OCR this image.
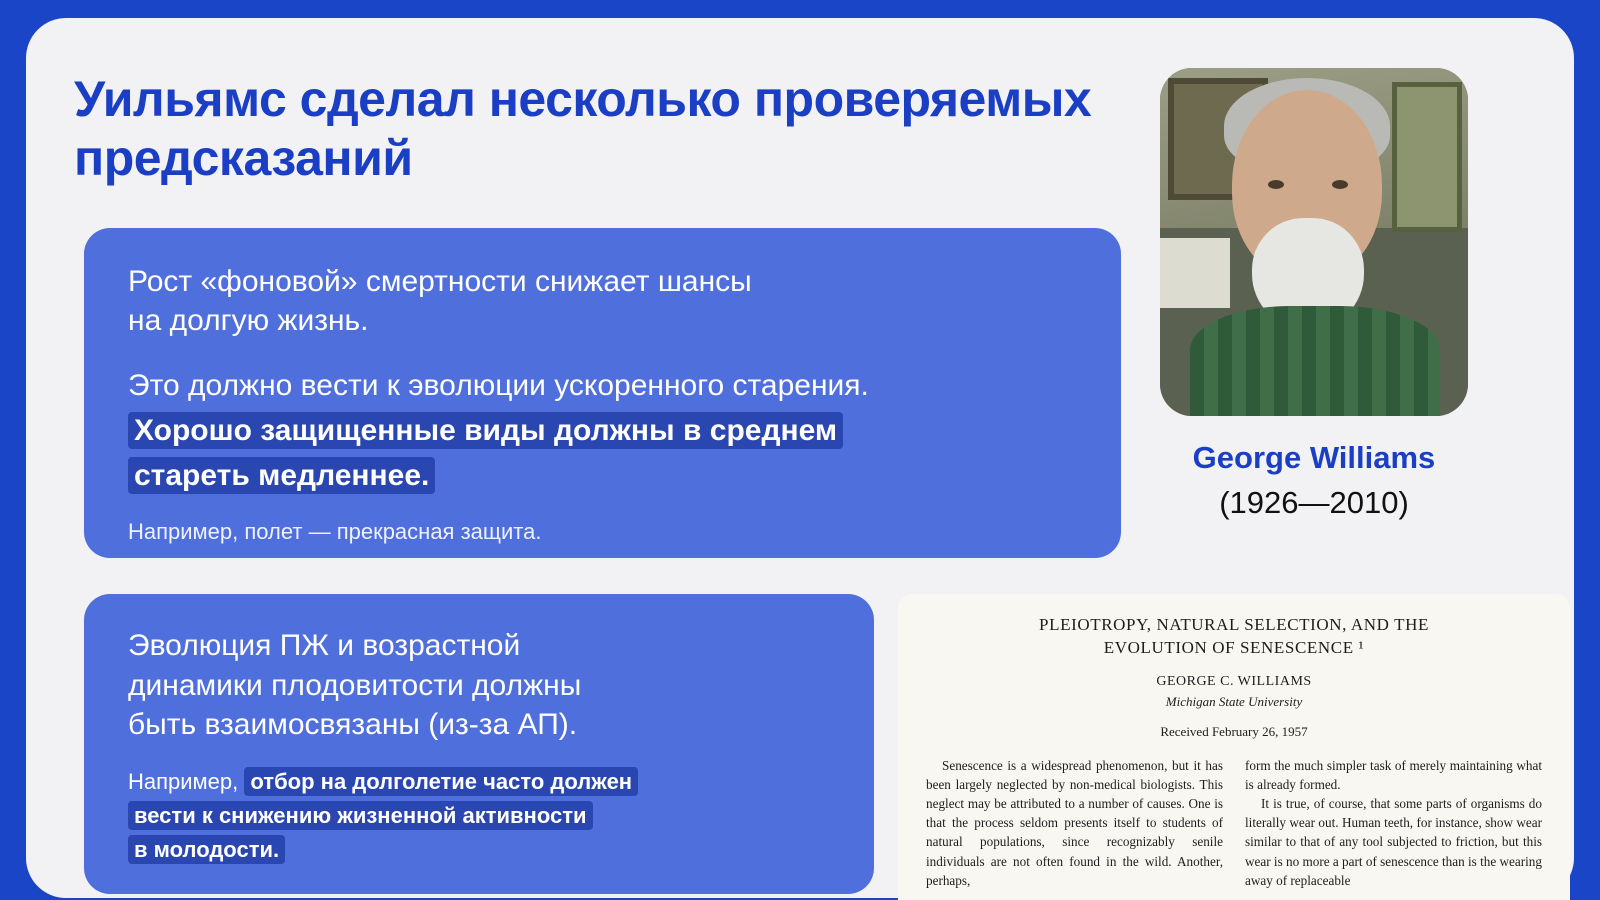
Уильямс сделал несколько проверяемых предсказаний
George Williams
(1926—2010)
Рост «фоновой» смертности снижает шансы
на долгую жизнь.
Это должно вести к эволюции ускоренного старения.
Хорошо защищенные виды должны в среднем
стареть медленнее.
Например, полет — прекрасная защита.
Эволюция ПЖ и возрастной
динамики плодовитости должны
быть взаимосвязаны (из-за АП).
Например, отбор на долголетие часто должен
вести к снижению жизненной активности
в молодости.
PLEIOTROPY, NATURAL SELECTION, AND THE
EVOLUTION OF SENESCENCE ¹
GEORGE C. WILLIAMS
Michigan State University
Received February 26, 1957
Senescence is a widespread phenomenon, but it has been largely neglected by non-medical biologists. This neglect may be attributed to a number of causes. One is that the process seldom presents itself to students of natural populations, since recognizably senile individuals are not often found in the wild. Another, perhaps,
form the much simpler task of merely maintaining what is already formed.
It is true, of course, that some parts of organisms do literally wear out. Human teeth, for instance, show wear similar to that of any tool subjected to friction, but this wear is no more a part of senescence than is the wearing away of replaceable
